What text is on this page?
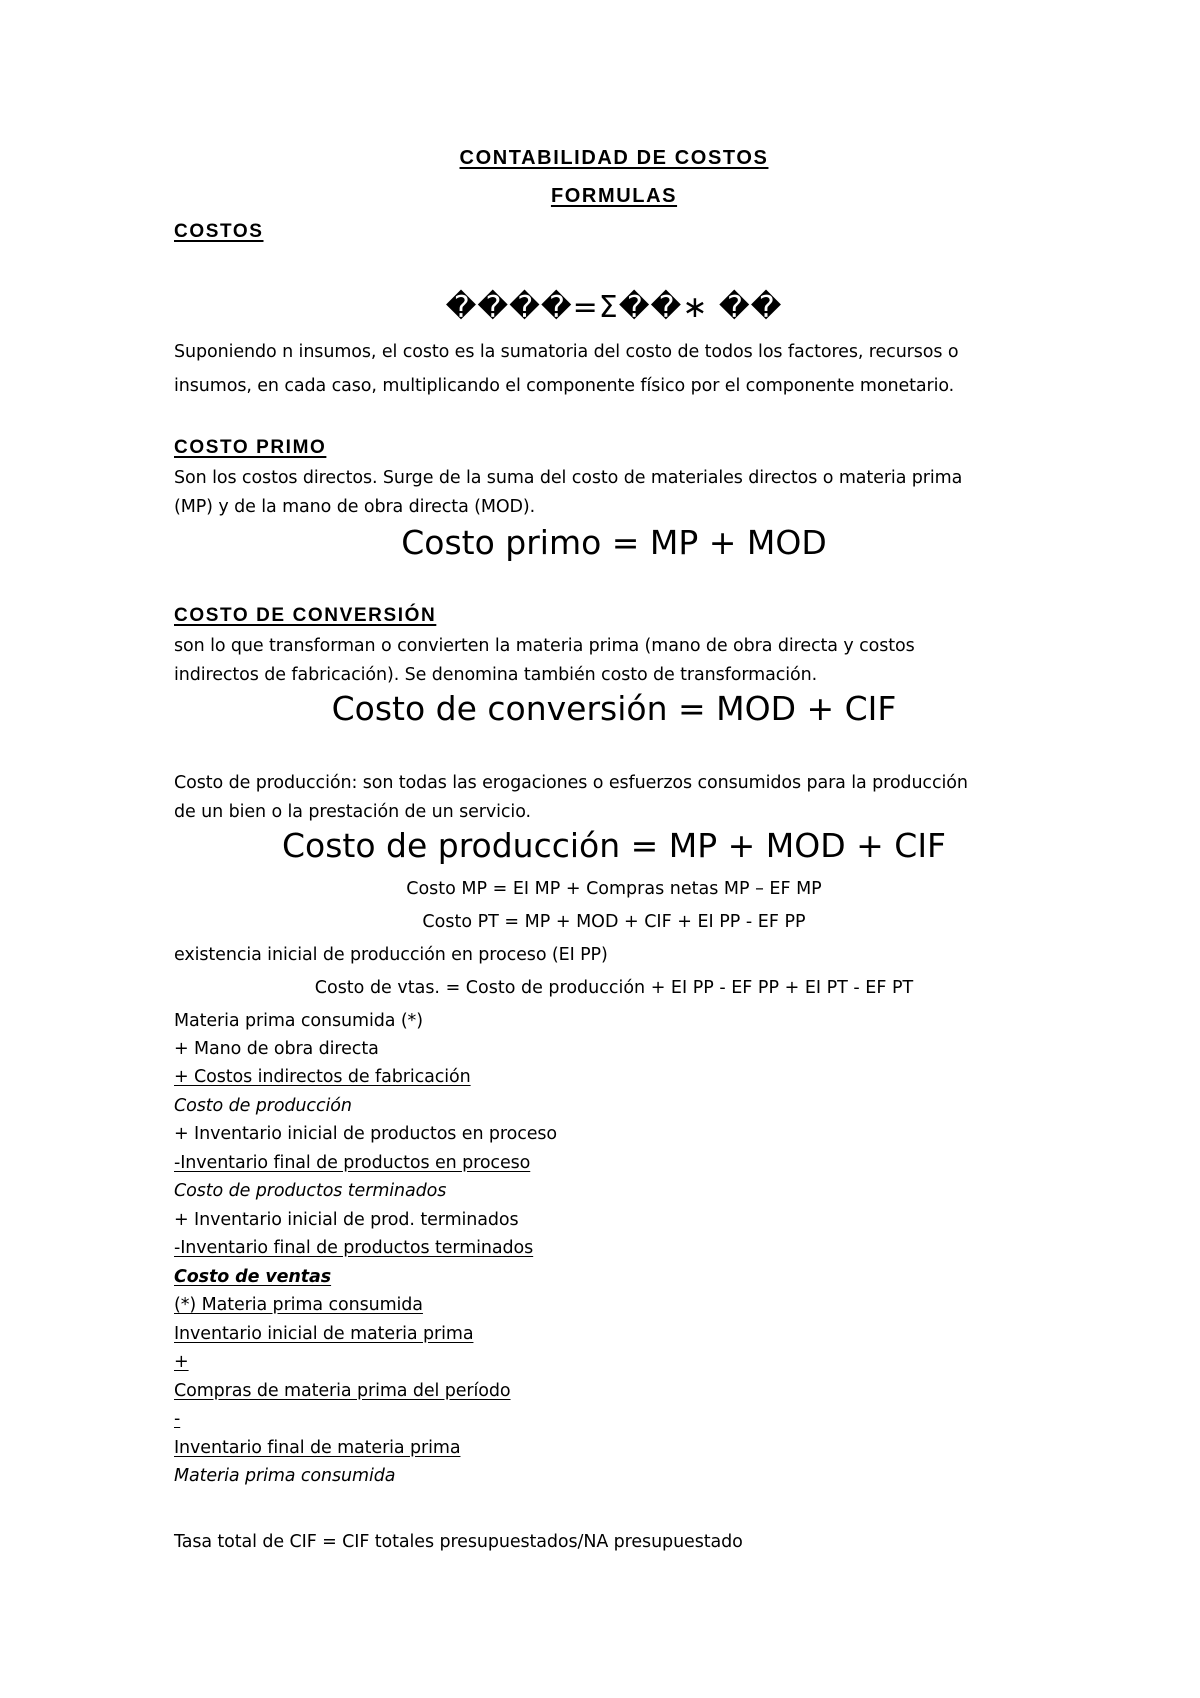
CONTABILIDAD DE COSTOS
FORMULAS
COSTOS
����=Σ��∗ ��
Suponiendo n insumos, el costo es la sumatoria del costo de todos los factores, recursos o
insumos, en cada caso, multiplicando el componente físico por el componente monetario.
COSTO PRIMO
Son los costos directos. Surge de la suma del costo de materiales directos o materia prima
(MP) y de la mano de obra directa (MOD).
Costo primo = MP + MOD
COSTO DE CONVERSIÓN
son lo que transforman o convierten la materia prima (mano de obra directa y costos
indirectos de fabricación). Se denomina también costo de transformación.
Costo de conversión = MOD + CIF
Costo de producción: son todas las erogaciones o esfuerzos consumidos para la producción
de un bien o la prestación de un servicio.
Costo de producción = MP + MOD + CIF
Costo MP = EI MP + Compras netas MP – EF MP
Costo PT = MP + MOD + CIF + EI PP - EF PP
existencia inicial de producción en proceso (EI PP)
Costo de vtas. = Costo de producción + EI PP - EF PP + EI PT - EF PT
Materia prima consumida (*)
+ Mano de obra directa
+ Costos indirectos de fabricación
Costo de producción
+ Inventario inicial de productos en proceso
-Inventario final de productos en proceso
Costo de productos terminados
+ Inventario inicial de prod. terminados
-Inventario final de productos terminados
Costo de ventas
(*) Materia prima consumida
Inventario inicial de materia prima
+
Compras de materia prima del período
-
Inventario final de materia prima
Materia prima consumida
Tasa total de CIF = CIF totales presupuestados/NA presupuestado
